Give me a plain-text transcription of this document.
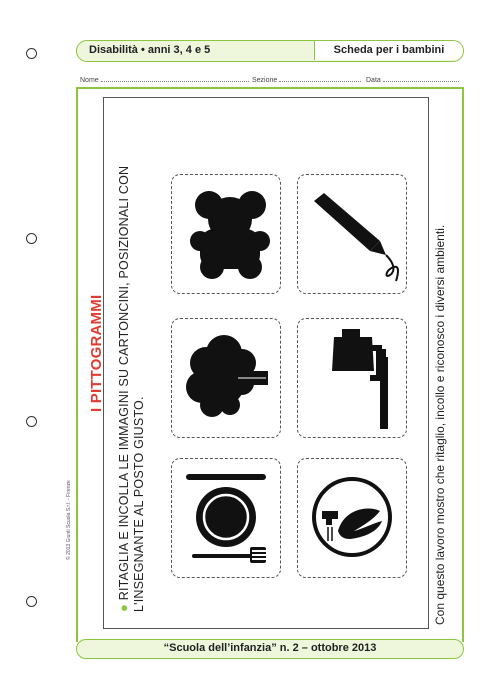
Disabilità • anni 3, 4 e 5	Scheda per i bambini
Nome	Sezione	Data
© 2013 Giunti Scuola S.r.l. - Firenze
I PITTOGRAMMI
● RITAGLIA E INCOLLA LE IMMAGINI SU CARTONCINI, POSIZIONALI CON L'INSEGNANTE AL POSTO GIUSTO.	Con questo lavoro mostro che ritaglio, incollo e riconosco i diversi ambienti.
“Scuola dell’infanzia” n. 2 – ottobre 2013
